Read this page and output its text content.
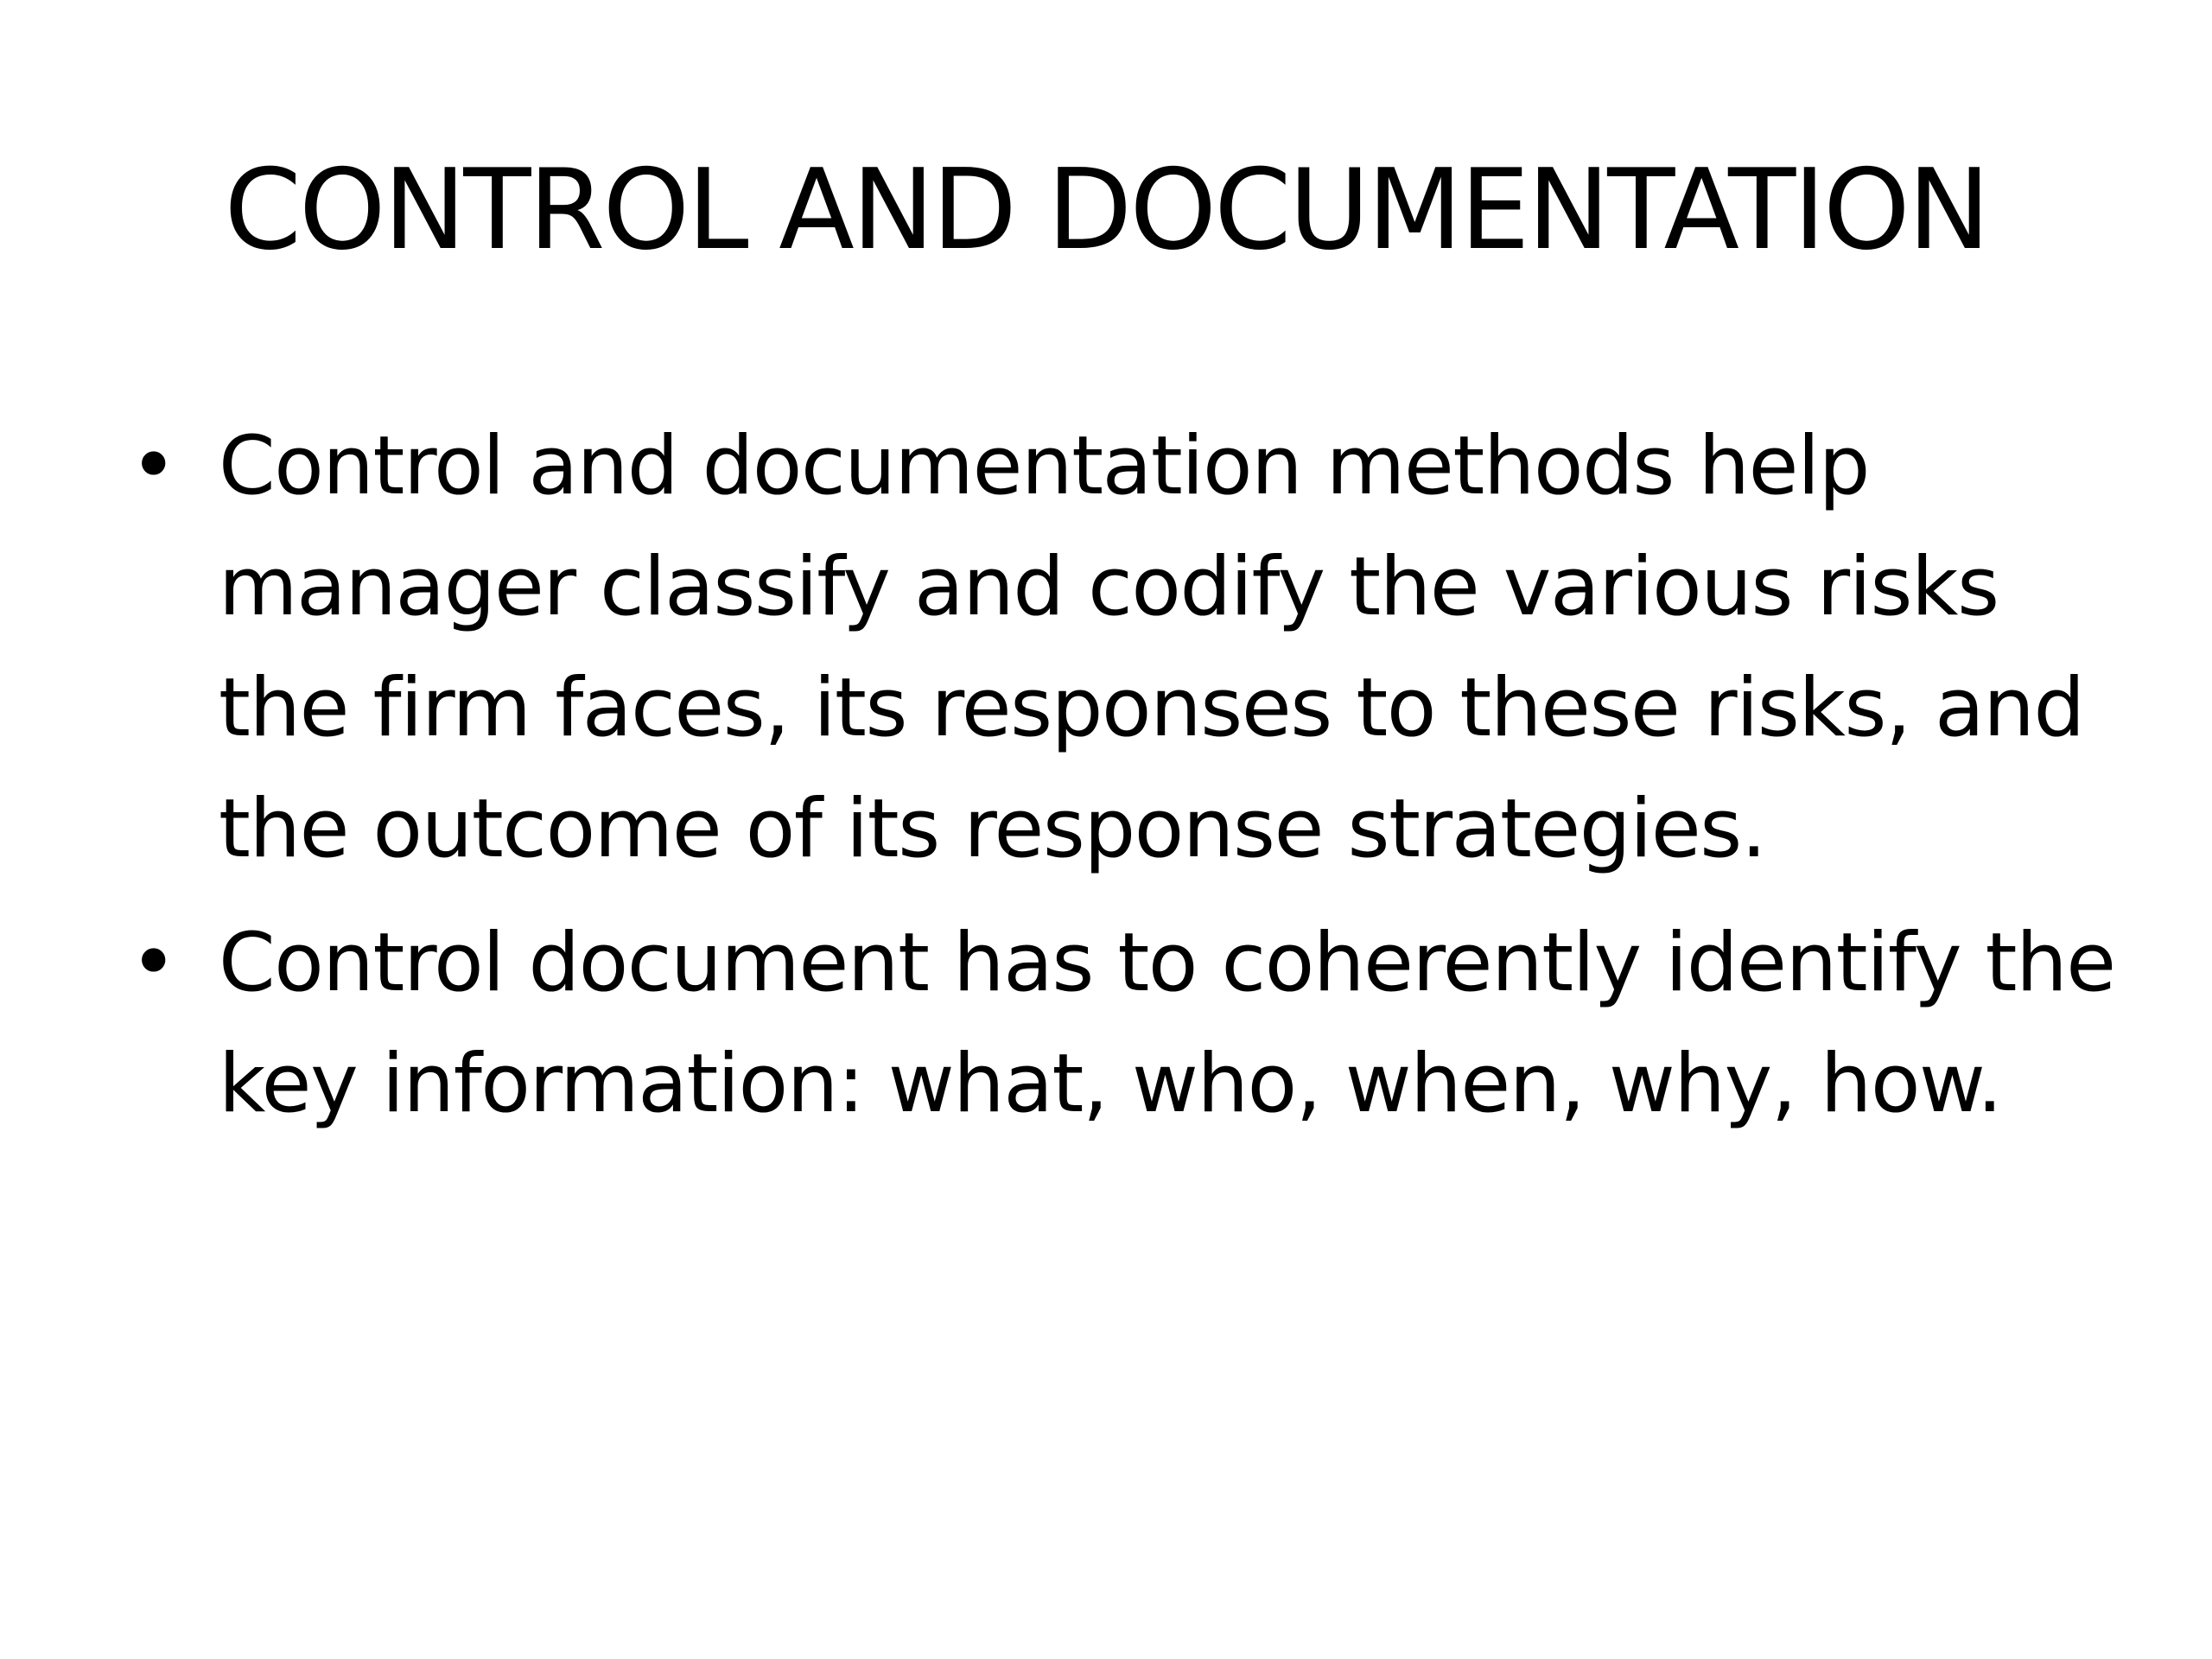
CONTROL AND DOCUMENTATION
• Control and documentation methods help manager classify and codify the various risks the firm faces, its responses to these risks, and the outcome of its response strategies.
• Control document has to coherently identify the key information: what, who, when, why, how.
